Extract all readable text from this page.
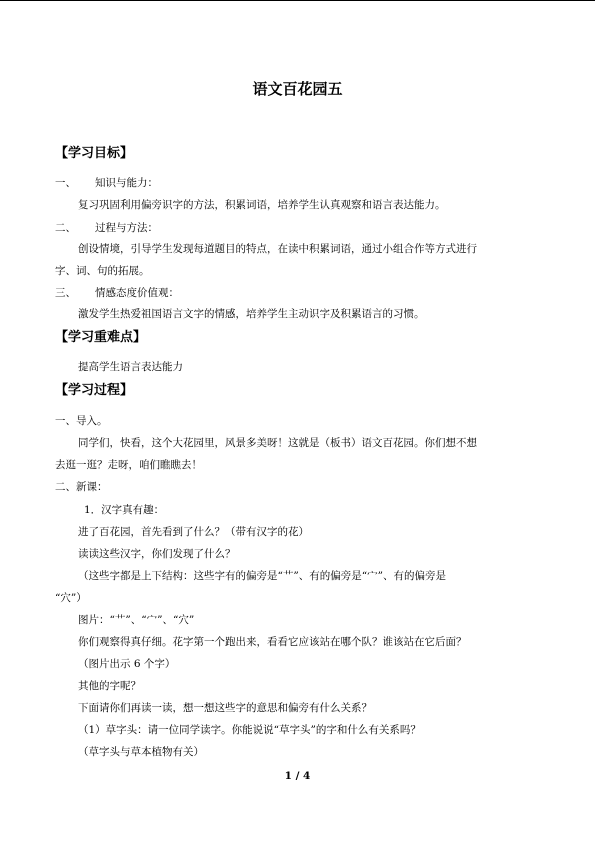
语文百花园五
【学习目标】
一、 知识与能力：
复习巩固利用偏旁识字的方法，积累词语，培养学生认真观察和语言表达能力。
二、 过程与方法：
创设情境，引导学生发现每道题目的特点，在读中积累词语，通过小组合作等方式进行
字、词、句的拓展。
三、 情感态度价值观：
激发学生热爱祖国语言文字的情感，培养学生主动识字及积累语言的习惯。
【学习重难点】
提高学生语言表达能力
【学习过程】
一、导入。
同学们，快看，这个大花园里，风景多美呀！这就是（板书）语文百花园。你们想不想
去逛一逛？走呀，咱们瞧瞧去！
二、新课：
1．汉字真有趣：
进了百花园，首先看到了什么？（带有汉字的花）
读读这些汉字，你们发现了什么？
（这些字都是上下结构：这些字有的偏旁是“艹”、有的偏旁是“宀”、有的偏旁是
“穴”）
图片：“艹”、“宀”、“穴”
你们观察得真仔细。花字第一个跑出来，看看它应该站在哪个队？谁该站在它后面？
（图片出示 6 个字）
其他的字呢？
下面请你们再读一读，想一想这些字的意思和偏旁有什么关系？
（1）草字头：请一位同学读字。你能说说“草字头”的字和什么有关系吗？
（草字头与草本植物有关）
1 / 4
